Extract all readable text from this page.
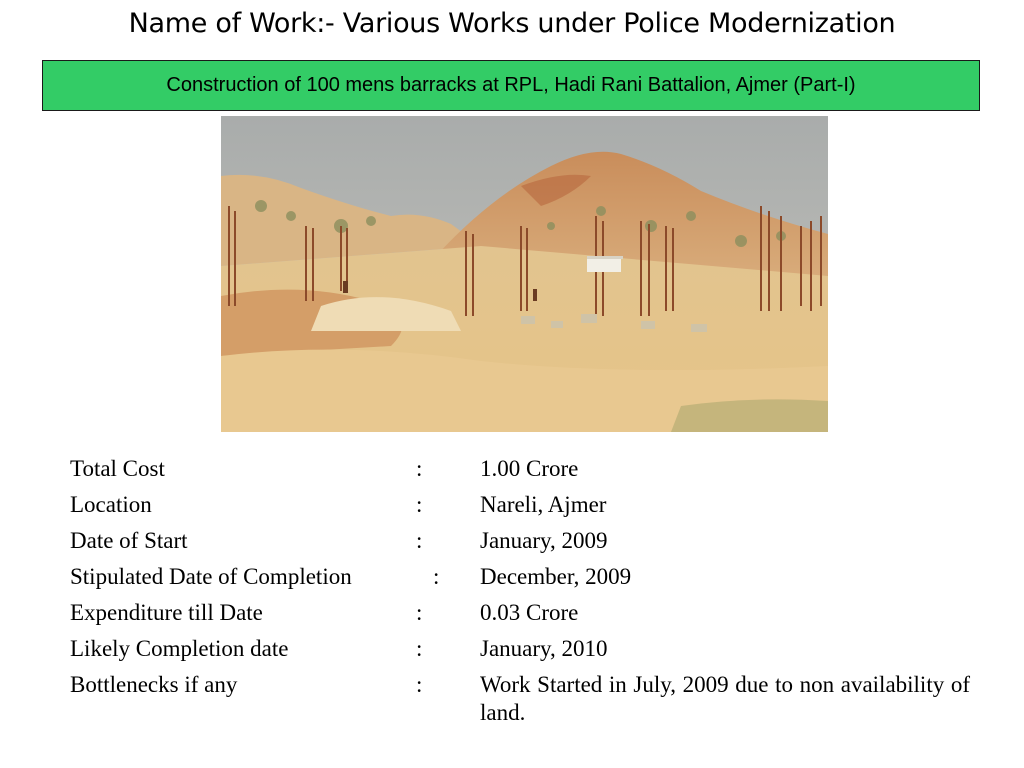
Name of Work:- Various Works under Police Modernization
Construction of 100 mens barracks at RPL, Hadi Rani Battalion, Ajmer (Part-I)
Total Cost	:	1.00 Crore
Location	:	Nareli, Ajmer
Date of Start	:	January, 2009
Stipulated Date of Completion	:	December, 2009
Expenditure till Date	:	0.03 Crore
Likely Completion date	:	January, 2010
Bottlenecks if any	:	Work Started in July, 2009 due to non availability of land.
